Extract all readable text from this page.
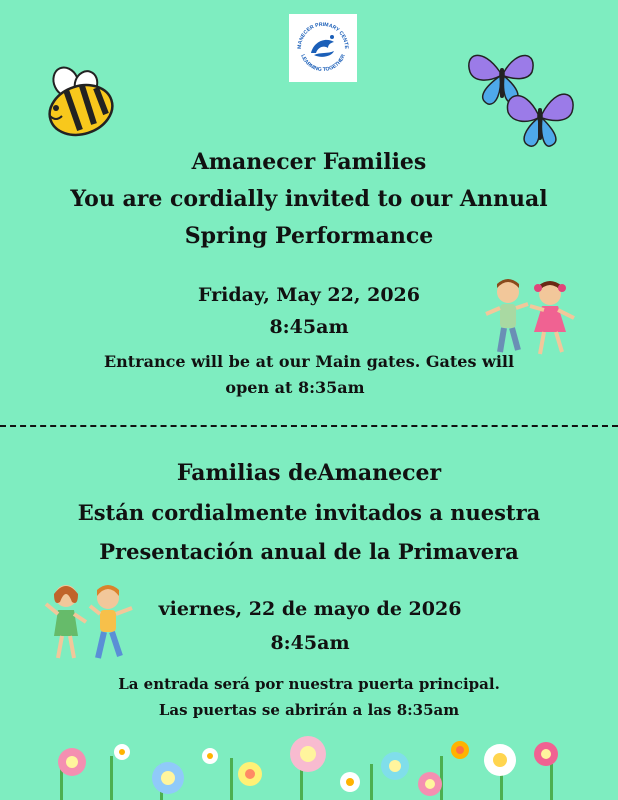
MANECER PRIMARY CENTE
LEARNING TOGETHER
Amanecer Families
You are cordially invited to our Annual
Spring Performance
Friday, May 22, 2026
8:45am
Entrance will be at our Main gates. Gates will
open at 8:35am
Familias deAmanecer
Están cordialmente invitados a nuestra
Presentación anual de la Primavera
viernes, 22 de mayo de 2026
8:45am
La entrada será por nuestra puerta principal.
Las puertas se abrirán a las 8:35am
